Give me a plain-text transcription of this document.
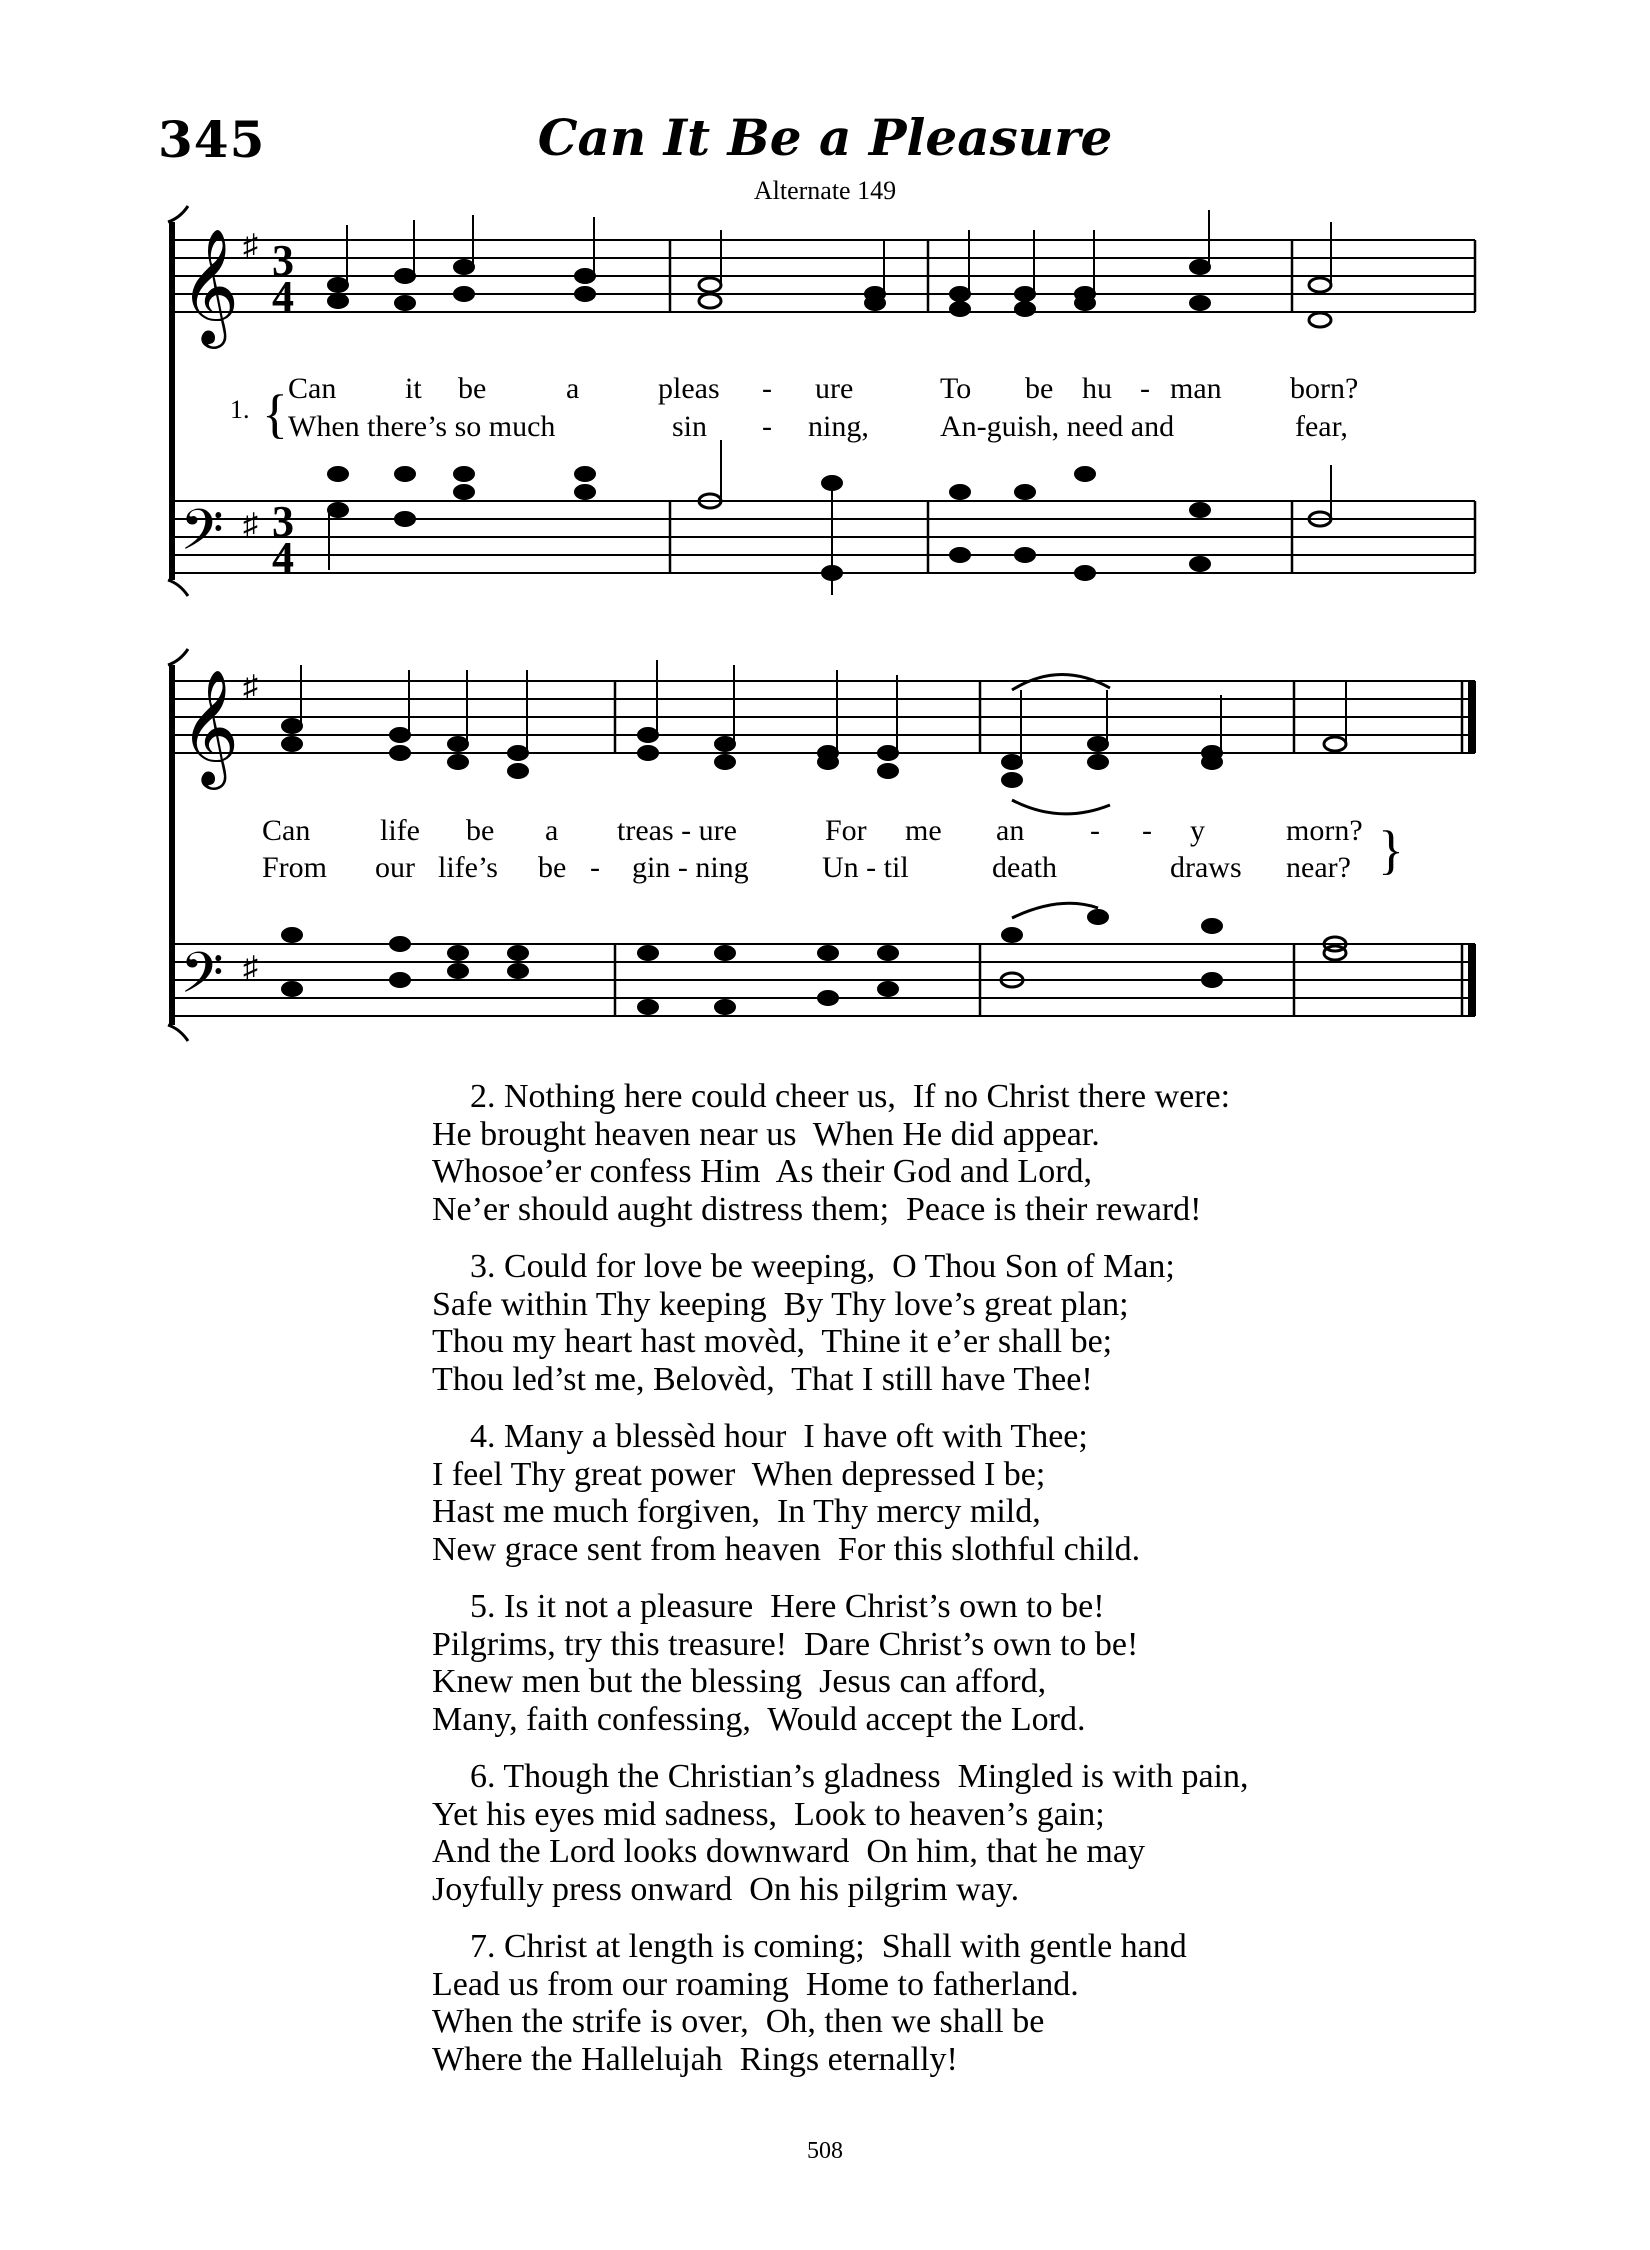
345	Can It Be a Pleasure
Alternate 149
𝄞
𝄢
𝄞
𝄢
♯
♯
♯
♯
3
4
3
4
1. { Can it be	a	pleas - ure	To be hu - man born?
When there’s so much	sin - ning, An-guish, need and	fear,
Can life be a treas - ure	For me an - - y	morn? }
From our life’s be - gin - ning Un - til	death	draws near?
2. Nothing here could cheer us,  If no Christ there were:
He brought heaven near us  When He did appear.
Whosoe’er confess Him  As their God and Lord,
Ne’er should aught distress them;  Peace is their reward!
3. Could for love be weeping,  O Thou Son of Man;
Safe within Thy keeping  By Thy love’s great plan;
Thou my heart hast movèd,  Thine it e’er shall be;
Thou led’st me, Belovèd,  That I still have Thee!
4. Many a blessèd hour  I have oft with Thee;
I feel Thy great power  When depressed I be;
Hast me much forgiven,  In Thy mercy mild,
New grace sent from heaven  For this slothful child.
5. Is it not a pleasure  Here Christ’s own to be!
Pilgrims, try this treasure!  Dare Christ’s own to be!
Knew men but the blessing  Jesus can afford,
Many, faith confessing,  Would accept the Lord.
6. Though the Christian’s gladness  Mingled is with pain,
Yet his eyes mid sadness,  Look to heaven’s gain;
And the Lord looks downward  On him, that he may
Joyfully press onward  On his pilgrim way.
7. Christ at length is coming;  Shall with gentle hand
Lead us from our roaming  Home to fatherland.
When the strife is over,  Oh, then we shall be
Where the Hallelujah  Rings eternally!
508
